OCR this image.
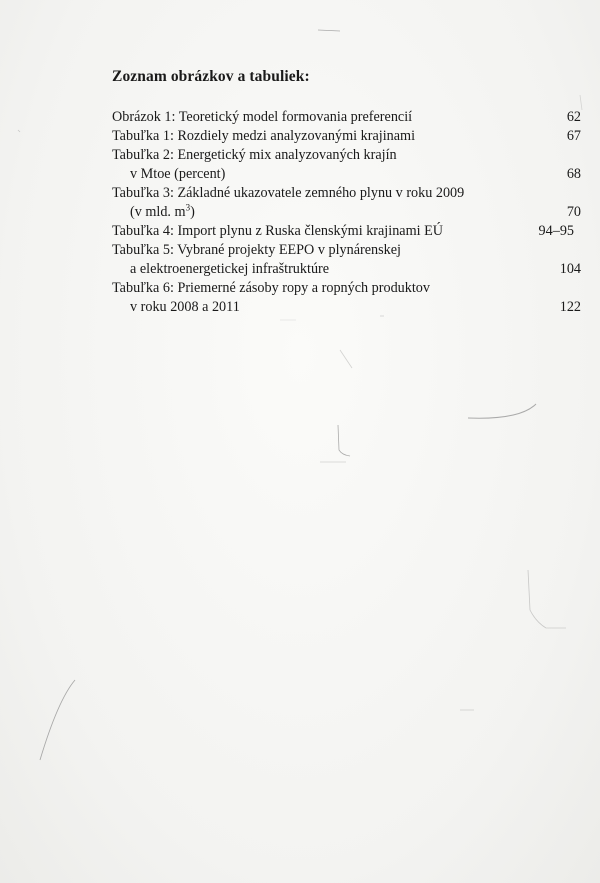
Zoznam obrázkov a tabuliek:
Obrázok 1: Teoretický model formovania preferencií	62
Tabuľka 1: Rozdiely medzi analyzovanými krajinami	67
Tabuľka 2: Energetický mix analyzovaných krajín
v Mtoe (percent)	68
Tabuľka 3: Základné ukazovatele zemného plynu v roku 2009
(v mld. $m^3$)	70
Tabuľka 4: Import plynu z Ruska členskými krajinami EÚ	94–95
Tabuľka 5: Vybrané projekty EEPO v plynárenskej
a elektroenergetickej infraštruktúre	104
Tabuľka 6: Priemerné zásoby ropy a ropných produktov
v roku 2008 a 2011	122
